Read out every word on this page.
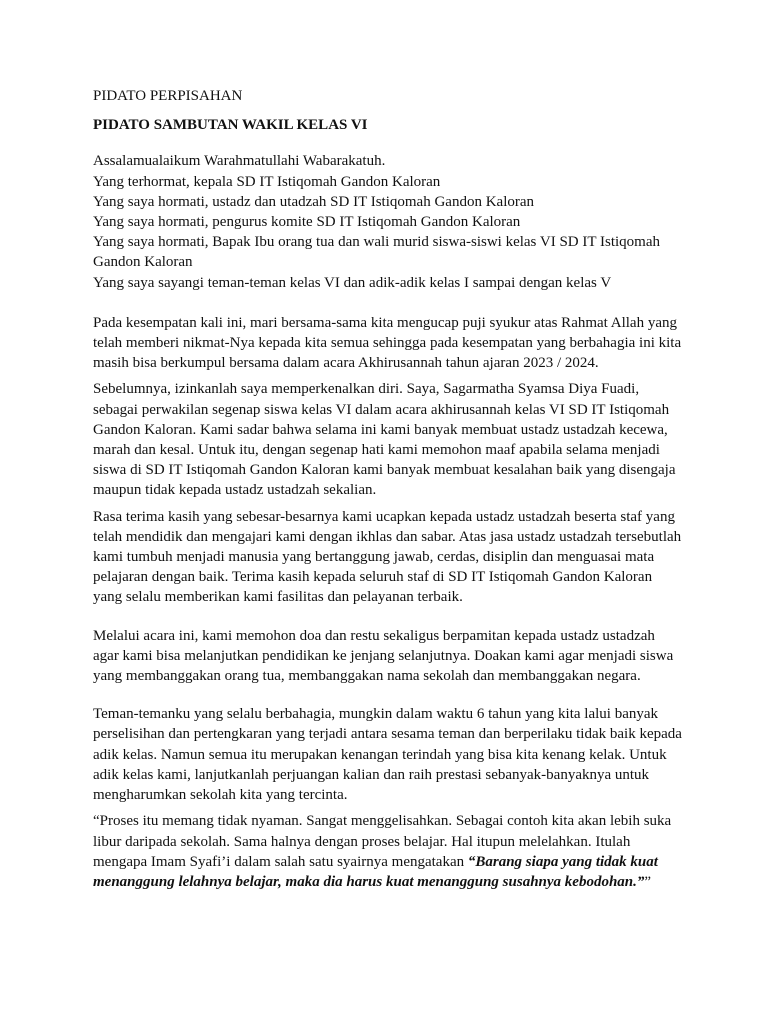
PIDATO PERPISAHAN
PIDATO SAMBUTAN WAKIL KELAS VI
Assalamualaikum Warahmatullahi Wabarakatuh.
Yang terhormat, kepala SD IT Istiqomah Gandon Kaloran
Yang saya hormati, ustadz dan utadzah SD IT Istiqomah Gandon Kaloran
Yang saya hormati, pengurus komite SD IT Istiqomah Gandon Kaloran
Yang saya hormati, Bapak Ibu orang tua dan wali murid siswa-siswi kelas VI SD IT Istiqomah Gandon Kaloran
Yang saya sayangi teman-teman kelas VI dan adik-adik kelas I sampai dengan kelas V

Pada kesempatan kali ini, mari bersama-sama kita mengucap puji syukur atas Rahmat Allah yang telah memberi nikmat-Nya kepada kita semua sehingga pada kesempatan yang berbahagia ini kita masih bisa berkumpul bersama dalam acara Akhirusannah tahun ajaran 2023 / 2024.

Sebelumnya, izinkanlah saya memperkenalkan diri. Saya, Sagarmatha Syamsa Diya Fuadi, sebagai perwakilan segenap siswa kelas VI dalam acara akhirusannah kelas VI SD IT Istiqomah Gandon Kaloran. Kami sadar bahwa selama ini kami banyak membuat ustadz ustadzah kecewa, marah dan kesal. Untuk itu, dengan segenap hati kami memohon maaf apabila selama menjadi siswa di SD IT Istiqomah Gandon Kaloran kami banyak membuat kesalahan baik yang disengaja maupun tidak kepada ustadz ustadzah sekalian.

Rasa terima kasih yang sebesar-besarnya kami ucapkan kepada ustadz ustadzah beserta staf yang telah mendidik dan mengajari kami dengan ikhlas dan sabar. Atas jasa ustadz ustadzah tersebutlah kami tumbuh menjadi manusia yang bertanggung jawab, cerdas, disiplin dan menguasai mata pelajaran dengan baik. Terima kasih kepada seluruh staf di SD IT Istiqomah Gandon Kaloran yang selalu memberikan kami fasilitas dan pelayanan terbaik.

Melalui acara ini, kami memohon doa dan restu sekaligus berpamitan kepada ustadz ustadzah agar kami bisa melanjutkan pendidikan ke jenjang selanjutnya. Doakan kami agar menjadi siswa yang membanggakan orang tua, membanggakan nama sekolah dan membanggakan negara.

Teman-temanku yang selalu berbahagia, mungkin dalam waktu 6 tahun yang kita lalui banyak perselisihan dan pertengkaran yang terjadi antara sesama teman dan berperilaku tidak baik kepada adik kelas. Namun semua itu merupakan kenangan terindah yang bisa kita kenang kelak. Untuk adik kelas kami, lanjutkanlah perjuangan kalian dan raih prestasi sebanyak-banyaknya untuk mengharumkan sekolah kita yang tercinta.

“Proses itu memang tidak nyaman. Sangat menggelisahkan. Sebagai contoh kita akan lebih suka libur daripada sekolah. Sama halnya dengan proses belajar. Hal itupun melelahkan. Itulah mengapa Imam Syafi’i dalam salah satu syairnya mengatakan “Barang siapa yang tidak kuat menanggung lelahnya belajar, maka dia harus kuat menanggung susahnya kebodohan.””
